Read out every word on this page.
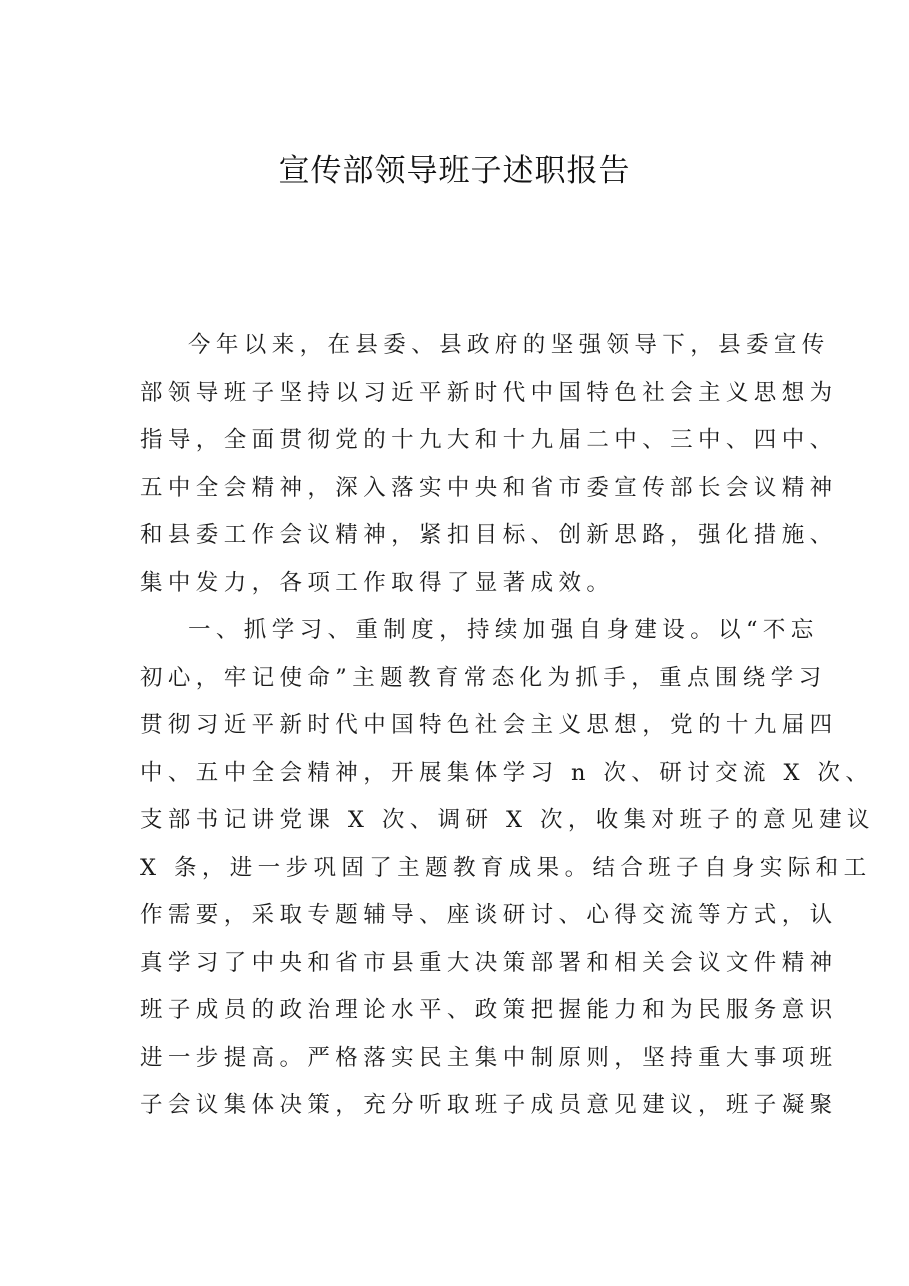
宣传部领导班子述职报告
今年以来，在县委、县政府的坚强领导下，县委宣传
部领导班子坚持以习近平新时代中国特色社会主义思想为
指导，全面贯彻党的十九大和十九届二中、三中、四中、
五中全会精神，深入落实中央和省市委宣传部长会议精神
和县委工作会议精神，紧扣目标、创新思路，强化措施、
集中发力，各项工作取得了显著成效。
一、抓学习、重制度，持续加强自身建设。以“不忘
初心，牢记使命”主题教育常态化为抓手，重点围绕学习
贯彻习近平新时代中国特色社会主义思想，党的十九届四
中、五中全会精神，开展集体学习 n 次、研讨交流 X 次、
支部书记讲党课 X 次、调研 X 次，收集对班子的意见建议
X 条，进一步巩固了主题教育成果。结合班子自身实际和工
作需要，采取专题辅导、座谈研讨、心得交流等方式，认
真学习了中央和省市县重大决策部署和相关会议文件精神
班子成员的政治理论水平、政策把握能力和为民服务意识
进一步提高。严格落实民主集中制原则，坚持重大事项班
子会议集体决策，充分听取班子成员意见建议，班子凝聚
